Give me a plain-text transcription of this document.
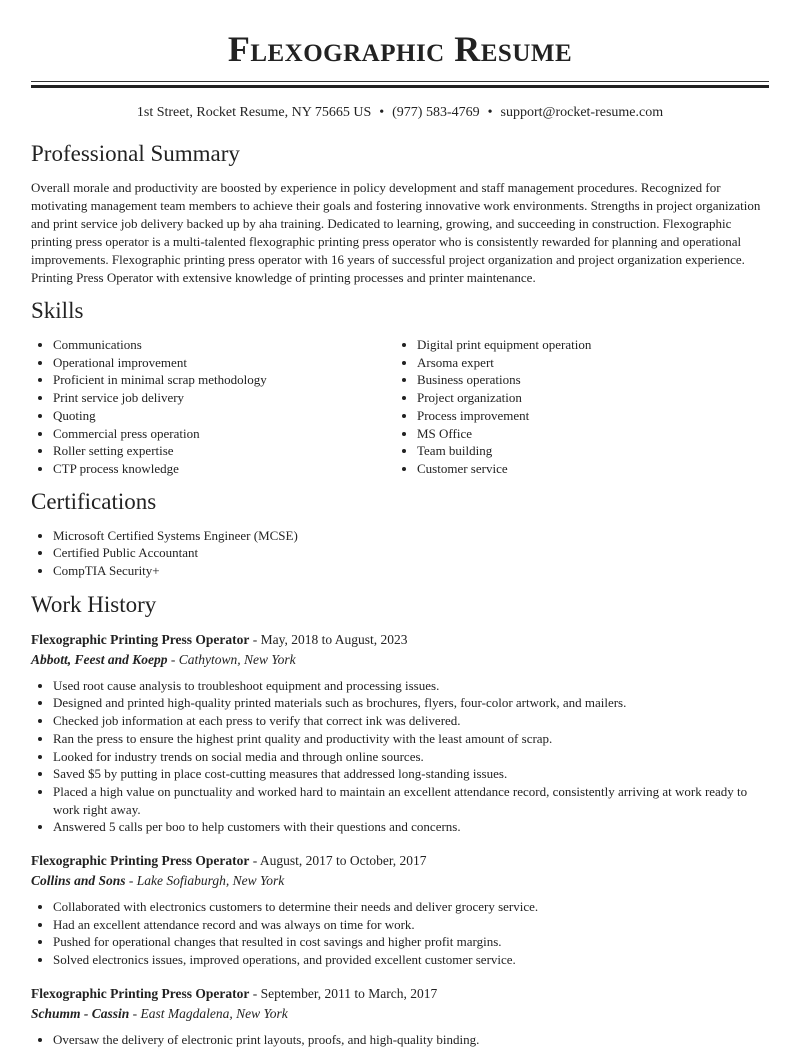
Flexographic Resume
1st Street, Rocket Resume, NY 75665 US • (977) 583-4769 • support@rocket-resume.com
Professional Summary

Overall morale and productivity are boosted by experience in policy development and staff management procedures. Recognized for motivating management team members to achieve their goals and fostering innovative work environments. Strengths in project organization and print service job delivery backed up by aha training. Dedicated to learning, growing, and succeeding in construction. Flexographic printing press operator is a multi-talented flexographic printing press operator who is consistently rewarded for planning and operational improvements. Flexographic printing press operator with 16 years of successful project organization and project organization experience. Printing Press Operator with extensive knowledge of printing processes and printer maintenance.

Skills
• Communications
• Operational improvement
• Proficient in minimal scrap methodology
• Print service job delivery
• Quoting
• Commercial press operation
• Roller setting expertise
• CTP process knowledge
• Digital print equipment operation
• Arsoma expert
• Business operations
• Project organization
• Process improvement
• MS Office
• Team building
• Customer service
Certifications
• Microsoft Certified Systems Engineer (MCSE)
• Certified Public Accountant
• CompTIA Security+
Work History
Flexographic Printing Press Operator - May, 2018 to August, 2023
Abbott, Feest and Koepp - Cathytown, New York
• Used root cause analysis to troubleshoot equipment and processing issues.
• Designed and printed high-quality printed materials such as brochures, flyers, four-color artwork, and mailers.
• Checked job information at each press to verify that correct ink was delivered.
• Ran the press to ensure the highest print quality and productivity with the least amount of scrap.
• Looked for industry trends on social media and through online sources.
• Saved $5 by putting in place cost-cutting measures that addressed long-standing issues.
• Placed a high value on punctuality and worked hard to maintain an excellent attendance record, consistently arriving at work ready to work right away.
• Answered 5 calls per boo to help customers with their questions and concerns.
Flexographic Printing Press Operator - August, 2017 to October, 2017
Collins and Sons - Lake Sofiaburgh, New York
• Collaborated with electronics customers to determine their needs and deliver grocery service.
• Had an excellent attendance record and was always on time for work.
• Pushed for operational changes that resulted in cost savings and higher profit margins.
• Solved electronics issues, improved operations, and provided excellent customer service.
Flexographic Printing Press Operator - September, 2011 to March, 2017
Schumm - Cassin - East Magdalena, New York
• Oversaw the delivery of electronic print layouts, proofs, and high-quality binding.
